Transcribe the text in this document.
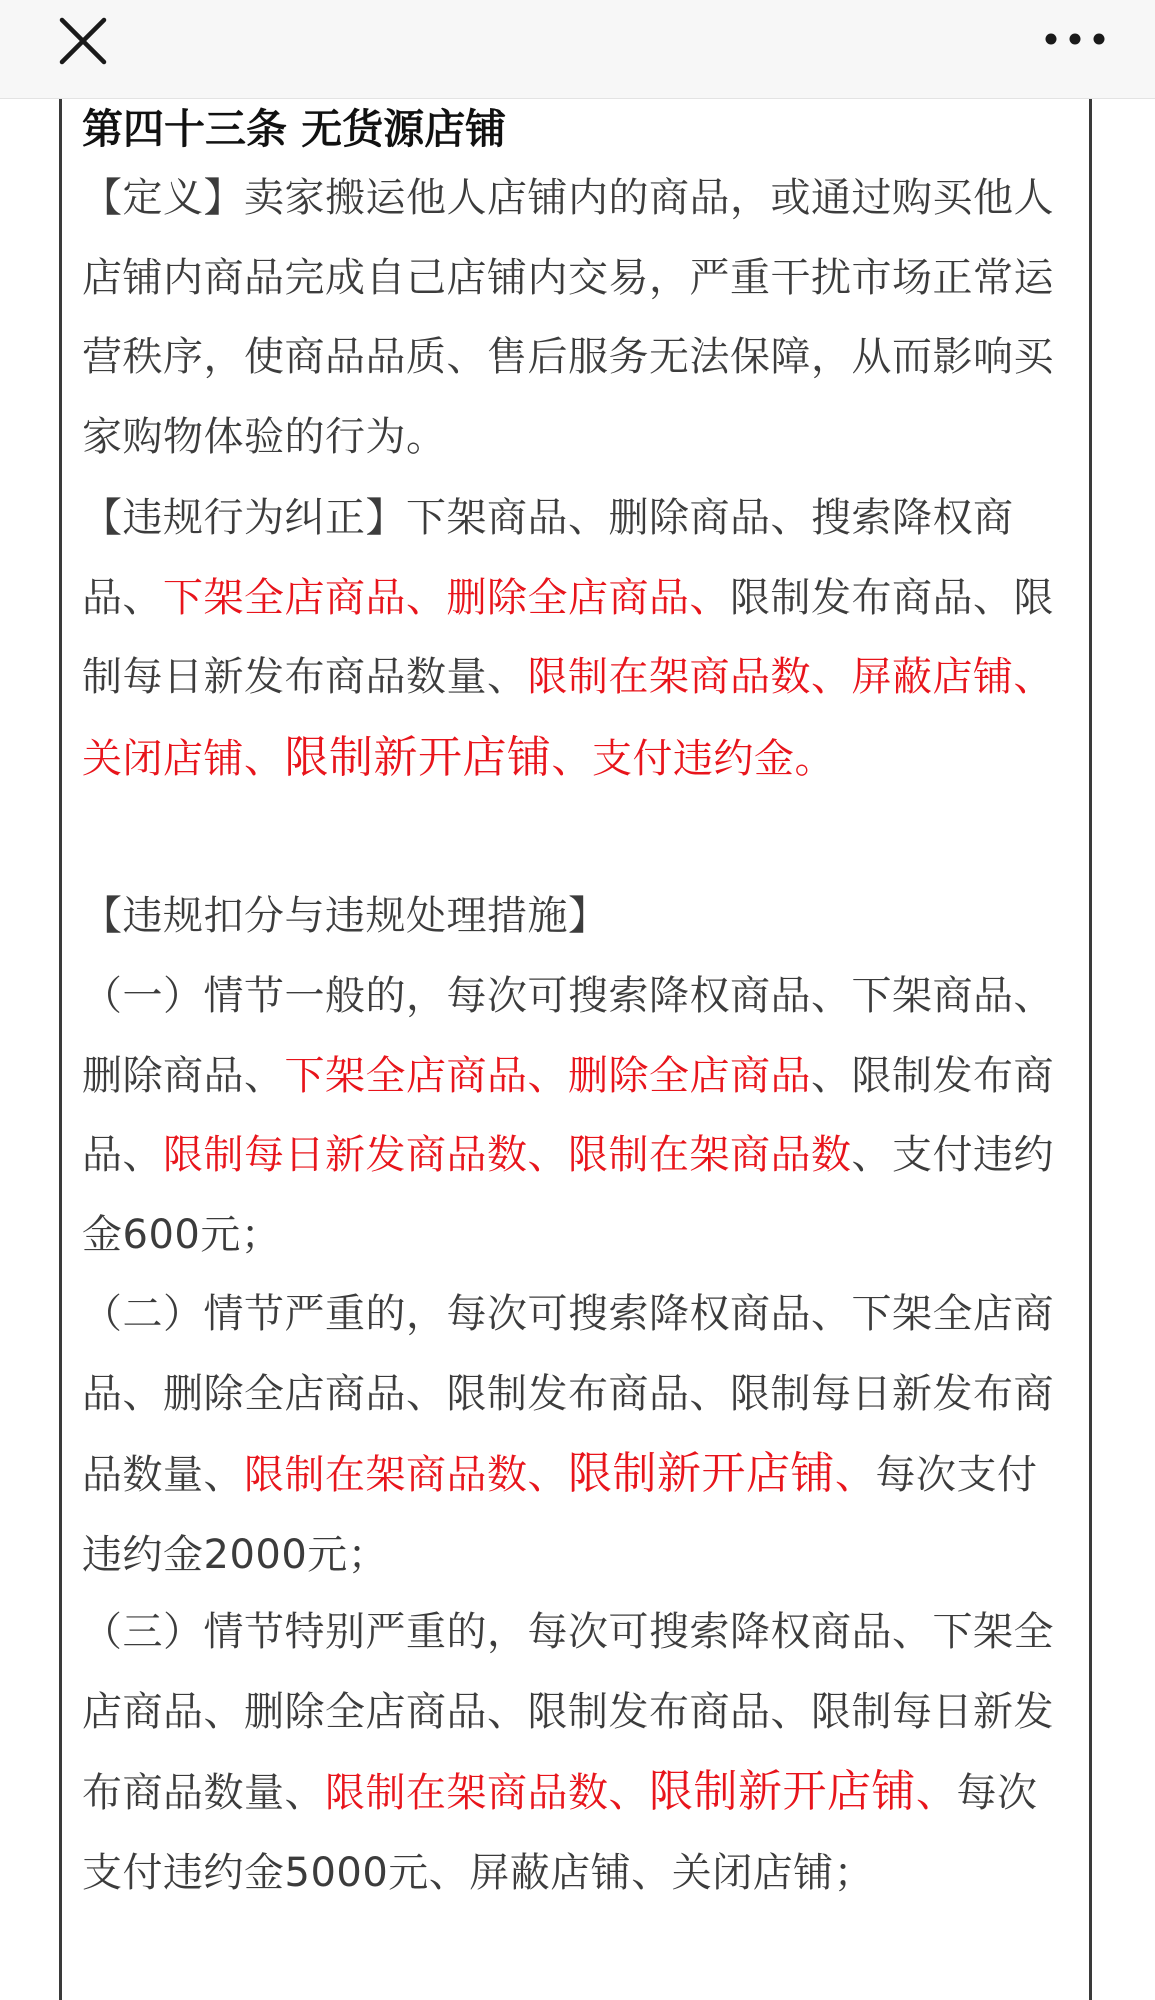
第四十三条 无货源店铺

【定义】卖家搬运他人店铺内的商品，或通过购买他人店铺内商品完成自己店铺内交易，严重干扰市场正常运营秩序，使商品品质、售后服务无法保障，从而影响买家购物体验的行为。

【违规行为纠正】下架商品、删除商品、搜索降权商品、下架全店商品、删除全店商品、限制发布商品、限制每日新发布商品数量、限制在架商品数、屏蔽店铺、关闭店铺、限制新开店铺、支付违约金。

【违规扣分与违规处理措施】

（一）情节一般的，每次可搜索降权商品、下架商品、删除商品、下架全店商品、删除全店商品、限制发布商品、限制每日新发商品数、限制在架商品数、支付违约金600元；

（二）情节严重的，每次可搜索降权商品、下架全店商品、删除全店商品、限制发布商品、限制每日新发布商品数量、限制在架商品数、限制新开店铺、每次支付违约金2000元；

（三）情节特别严重的，每次可搜索降权商品、下架全店商品、删除全店商品、限制发布商品、限制每日新发布商品数量、限制在架商品数、限制新开店铺、每次支付违约金5000元、屏蔽店铺、关闭店铺；
